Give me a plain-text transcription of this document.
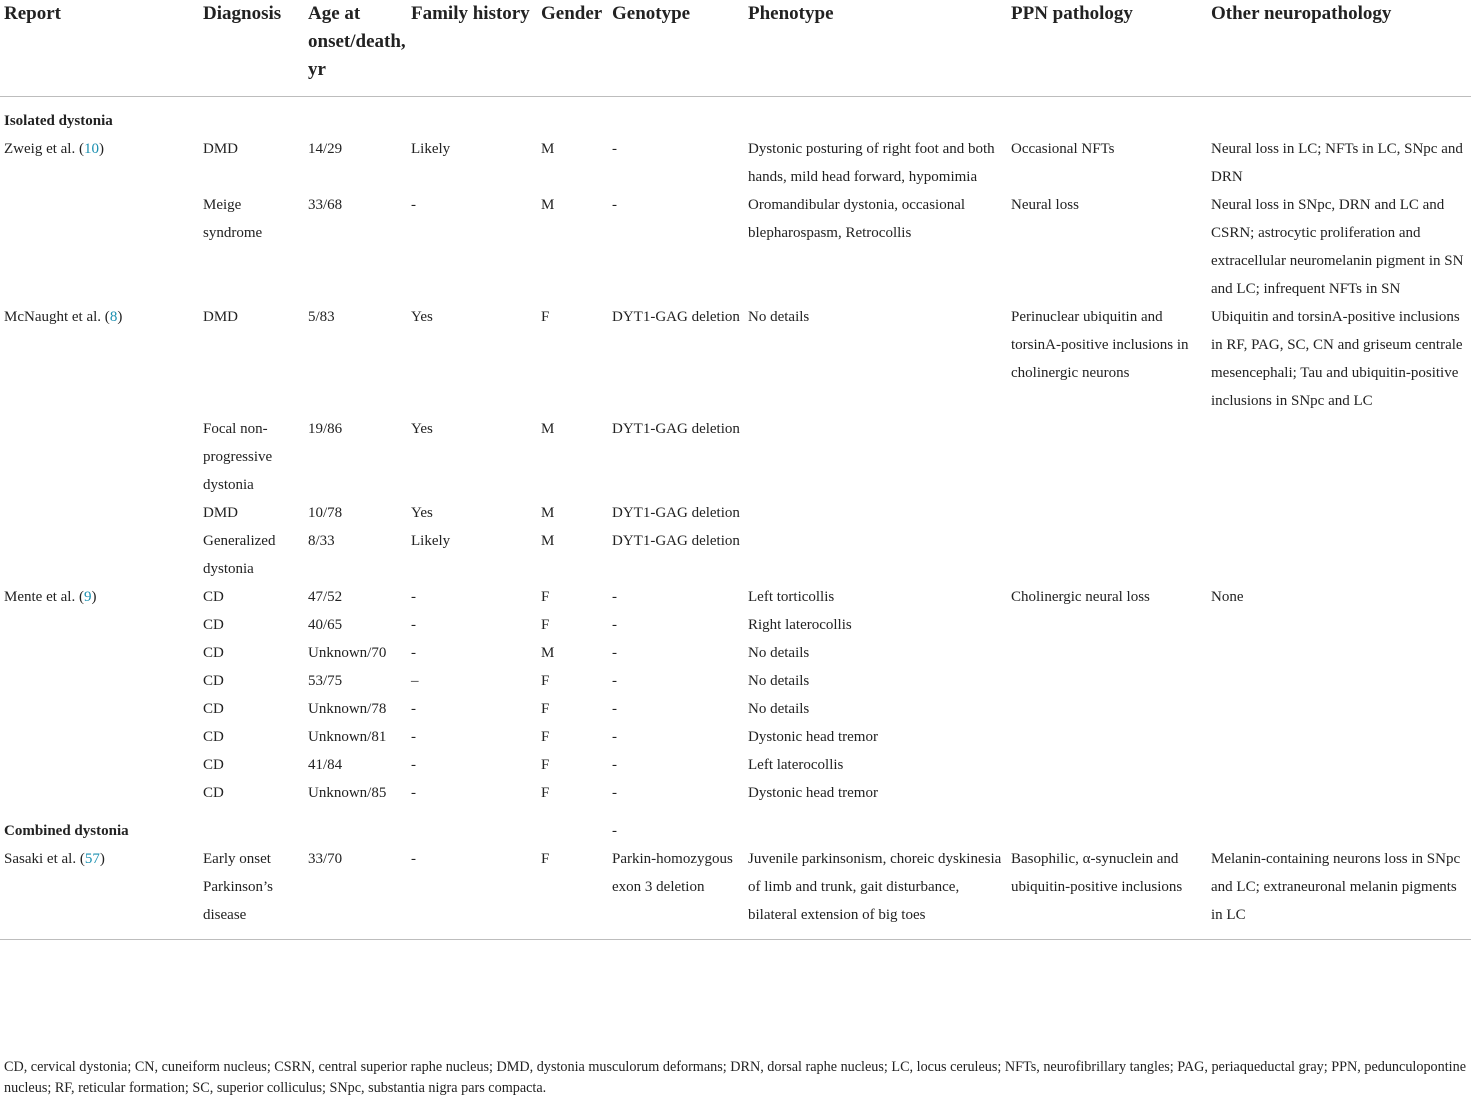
Report	Diagnosis	Age at onset/death, yr	Family history	Gender	Genotype	Phenotype	PPN pathology	Other neuropathology
Isolated dystonia								
Zweig et al. (10)	DMD	14/29	Likely	M	-	Dystonic posturing of right foot and both hands, mild head forward, hypomimia	Occasional NFTs	Neural loss in LC; NFTs in LC, SNpc and DRN
	Meige syndrome	33/68	-	M	-	Oromandibular dystonia, occasional blepharospasm, Retrocollis	Neural loss	Neural loss in SNpc, DRN and LC and CSRN; astrocytic proliferation and extracellular neuromelanin pigment in SN and LC; infrequent NFTs in SN
McNaught et al. (8)	DMD	5/83	Yes	F	DYT1-GAG deletion	No details	Perinuclear ubiquitin and torsinA-positive inclusions in cholinergic neurons	Ubiquitin and torsinA-positive inclusions in RF, PAG, SC, CN and griseum centrale mesencephali; Tau and ubiquitin-positive inclusions in SNpc and LC
	Focal non-progressive dystonia	19/86	Yes	M	DYT1-GAG deletion			
	DMD	10/78	Yes	M	DYT1-GAG deletion			
	Generalized dystonia	8/33	Likely	M	DYT1-GAG deletion			
Mente et al. (9)	CD	47/52	-	F	-	Left torticollis	Cholinergic neural loss	None
	CD	40/65	-	F	-	Right laterocollis		
	CD	Unknown/70	-	M	-	No details		
	CD	53/75	–	F	-	No details		
	CD	Unknown/78	-	F	-	No details		
	CD	Unknown/81	-	F	-	Dystonic head tremor		
	CD	41/84	-	F	-	Left laterocollis		
	CD	Unknown/85	-	F	-	Dystonic head tremor		
Combined dystonia					-			
Sasaki et al. (57)	Early onset Parkinson’s disease	33/70	-	F	Parkin-homozygous exon 3 deletion	Juvenile parkinsonism, choreic dyskinesia of limb and trunk, gait disturbance, bilateral extension of big toes	Basophilic, α-synuclein and ubiquitin-positive inclusions	Melanin-containing neurons loss in SNpc and LC; extraneuronal melanin pigments in LC
CD, cervical dystonia; CN, cuneiform nucleus; CSRN, central superior raphe nucleus; DMD, dystonia musculorum deformans; DRN, dorsal raphe nucleus; LC, locus ceruleus; NFTs, neurofibrillary tangles; PAG, periaqueductal gray; PPN, pedunculopontine nucleus; RF, reticular formation; SC, superior colliculus; SNpc, substantia nigra pars compacta.
